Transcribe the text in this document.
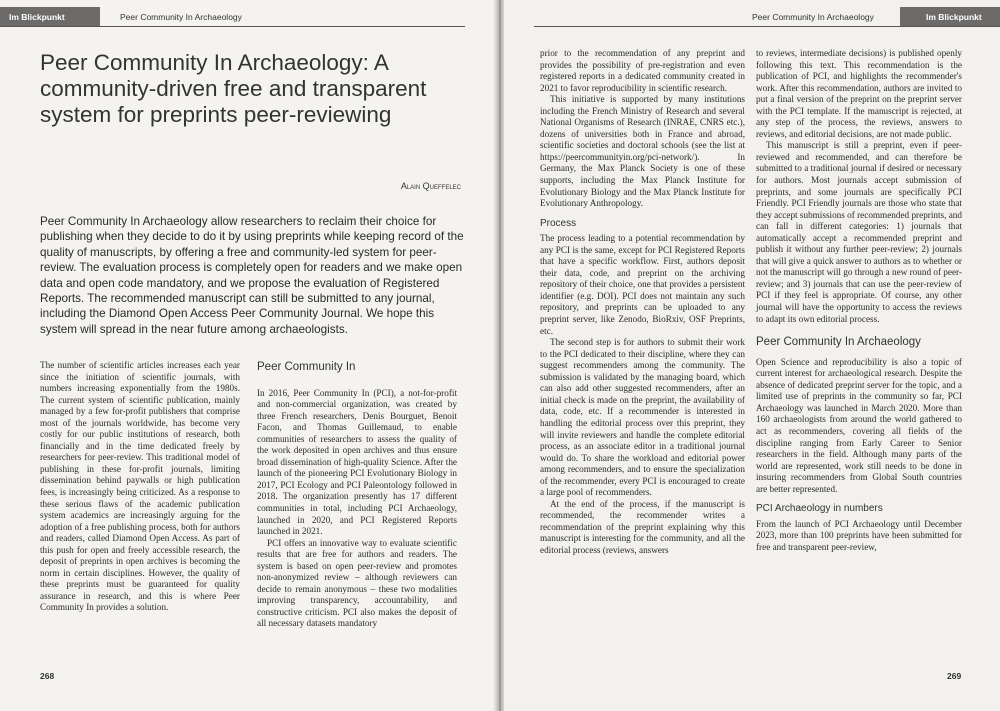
Im Blickpunkt	Peer Community In Archaeology
Peer Community In Archaeology: A community-driven free and transparent system for preprints peer-reviewing
Alain Queffelec
Peer Community In Archaeology allow researchers to reclaim their choice for publishing when they decide to do it by using preprints while keeping record of the quality of manuscripts, by offering a free and community-led system for peer-review. The evaluation process is completely open for readers and we make open data and open code mandatory, and we propose the evaluation of Registered Reports. The recommended manuscript can still be submitted to any journal, including the Diamond Open Access Peer Community Journal. We hope this system will spread in the near future among archaeologists.

The number of scientific articles increases each year since the initiation of scientific journals, with numbers increasing exponentially from the 1980s. The current system of scientific publication, mainly managed by a few for-profit publishers that comprise most of the journals worldwide, has become very costly for our public institutions of research, both financially and in the time dedicated freely by researchers for peer-review. This traditional model of publishing in these for-profit journals, limiting dissemination behind paywalls or high publication fees, is increasingly being criticized. As a response to these serious flaws of the academic publication system academics are increasingly arguing for the adoption of a free publishing process, both for authors and readers, called Diamond Open Access. As part of this push for open and freely accessible research, the deposit of preprints in open archives is becoming the norm in certain disciplines. However, the quality of these preprints must be guaranteed for quality assurance in research, and this is where Peer Community In provides a solution.

Peer Community In

In 2016, Peer Community In (PCI), a not-for-profit and non-commercial organization, was created by three French researchers, Denis Bourguet, Benoit Facon, and Thomas Guillemaud, to enable communities of researchers to assess the quality of the work deposited in open archives and thus ensure broad dissemination of high-quality Science. After the launch of the pioneering PCI Evolutionary Biology in 2017, PCI Ecology and PCI Paleontology followed in 2018. The organization presently has 17 different communities in total, including PCI Archaeology, launched in 2020, and PCI Registered Reports launched in 2021.

PCI offers an innovative way to evaluate scientific results that are free for authors and readers. The system is based on open peer-review and promotes non-anonymized review – although reviewers can decide to remain anonymous – these two modalities improving transparency, accountability, and constructive criticism. PCI also makes the deposit of all necessary datasets mandatory

268
Peer Community In Archaeology	Im Blickpunkt

prior to the recommendation of any preprint and provides the possibility of pre-registration and even registered reports in a dedicated community created in 2021 to favor reproducibility in scientific research.

This initiative is supported by many institutions including the French Ministry of Research and several National Organisms of Research (INRAE, CNRS etc.), dozens of universities both in France and abroad, scientific societies and doctoral schools (see the list at https://peercommunityin.org/pci-network/). In Germany, the Max Planck Society is one of these supports, including the Max Planck Institute for Evolutionary Biology and the Max Planck Institute for Evolutionary Anthropology.

Process

The process leading to a potential recommendation by any PCI is the same, except for PCI Registered Reports that have a specific workflow. First, authors deposit their data, code, and preprint on the archiving repository of their choice, one that provides a persistent identifier (e.g. DOI). PCI does not maintain any such repository, and preprints can be uploaded to any preprint server, like Zenodo, BioRxiv, OSF Preprints, etc.

The second step is for authors to submit their work to the PCI dedicated to their discipline, where they can suggest recommenders among the community. The submission is validated by the managing board, which can also add other suggested recommenders, after an initial check is made on the preprint, the availability of data, code, etc. If a recommender is interested in handling the editorial process over this preprint, they will invite reviewers and handle the complete editorial process, as an associate editor in a traditional journal would do. To share the workload and editorial power among recommenders, and to ensure the specialization of the recommender, every PCI is encouraged to create a large pool of recommenders.

At the end of the process, if the manuscript is recommended, the recommender writes a recommendation of the preprint explaining why this manuscript is interesting for the community, and all the editorial process (reviews, answers

to reviews, intermediate decisions) is published openly following this text. This recommendation is the publication of PCI, and highlights the recommender's work. After this recommendation, authors are invited to put a final version of the preprint on the preprint server with the PCI template. If the manuscript is rejected, at any step of the process, the reviews, answers to reviews, and editorial decisions, are not made public.

This manuscript is still a preprint, even if peer-reviewed and recommended, and can therefore be submitted to a traditional journal if desired or necessary for authors. Most journals accept submission of preprints, and some journals are specifically PCI Friendly. PCI Friendly journals are those who state that they accept submissions of recommended preprints, and can fall in different categories: 1) journals that automatically accept a recommended preprint and publish it without any further peer-review; 2) journals that will give a quick answer to authors as to whether or not the manuscript will go through a new round of peer-review; and 3) journals that can use the peer-review of PCI if they feel is appropriate. Of course, any other journal will have the opportunity to access the reviews to adapt its own editorial process.

Peer Community In Archaeology

Open Science and reproducibility is also a topic of current interest for archaeological research. Despite the absence of dedicated preprint server for the topic, and a limited use of preprints in the community so far, PCI Archaeology was launched in March 2020. More than 160 archaeologists from around the world gathered to act as recommenders, covering all fields of the discipline ranging from Early Career to Senior researchers in the field. Although many parts of the world are represented, work still needs to be done in insuring recommenders from Global South countries are better represented.

PCI Archaeology in numbers

From the launch of PCI Archaeology until December 2023, more than 100 preprints have been submitted for free and transparent peer-review,

269
